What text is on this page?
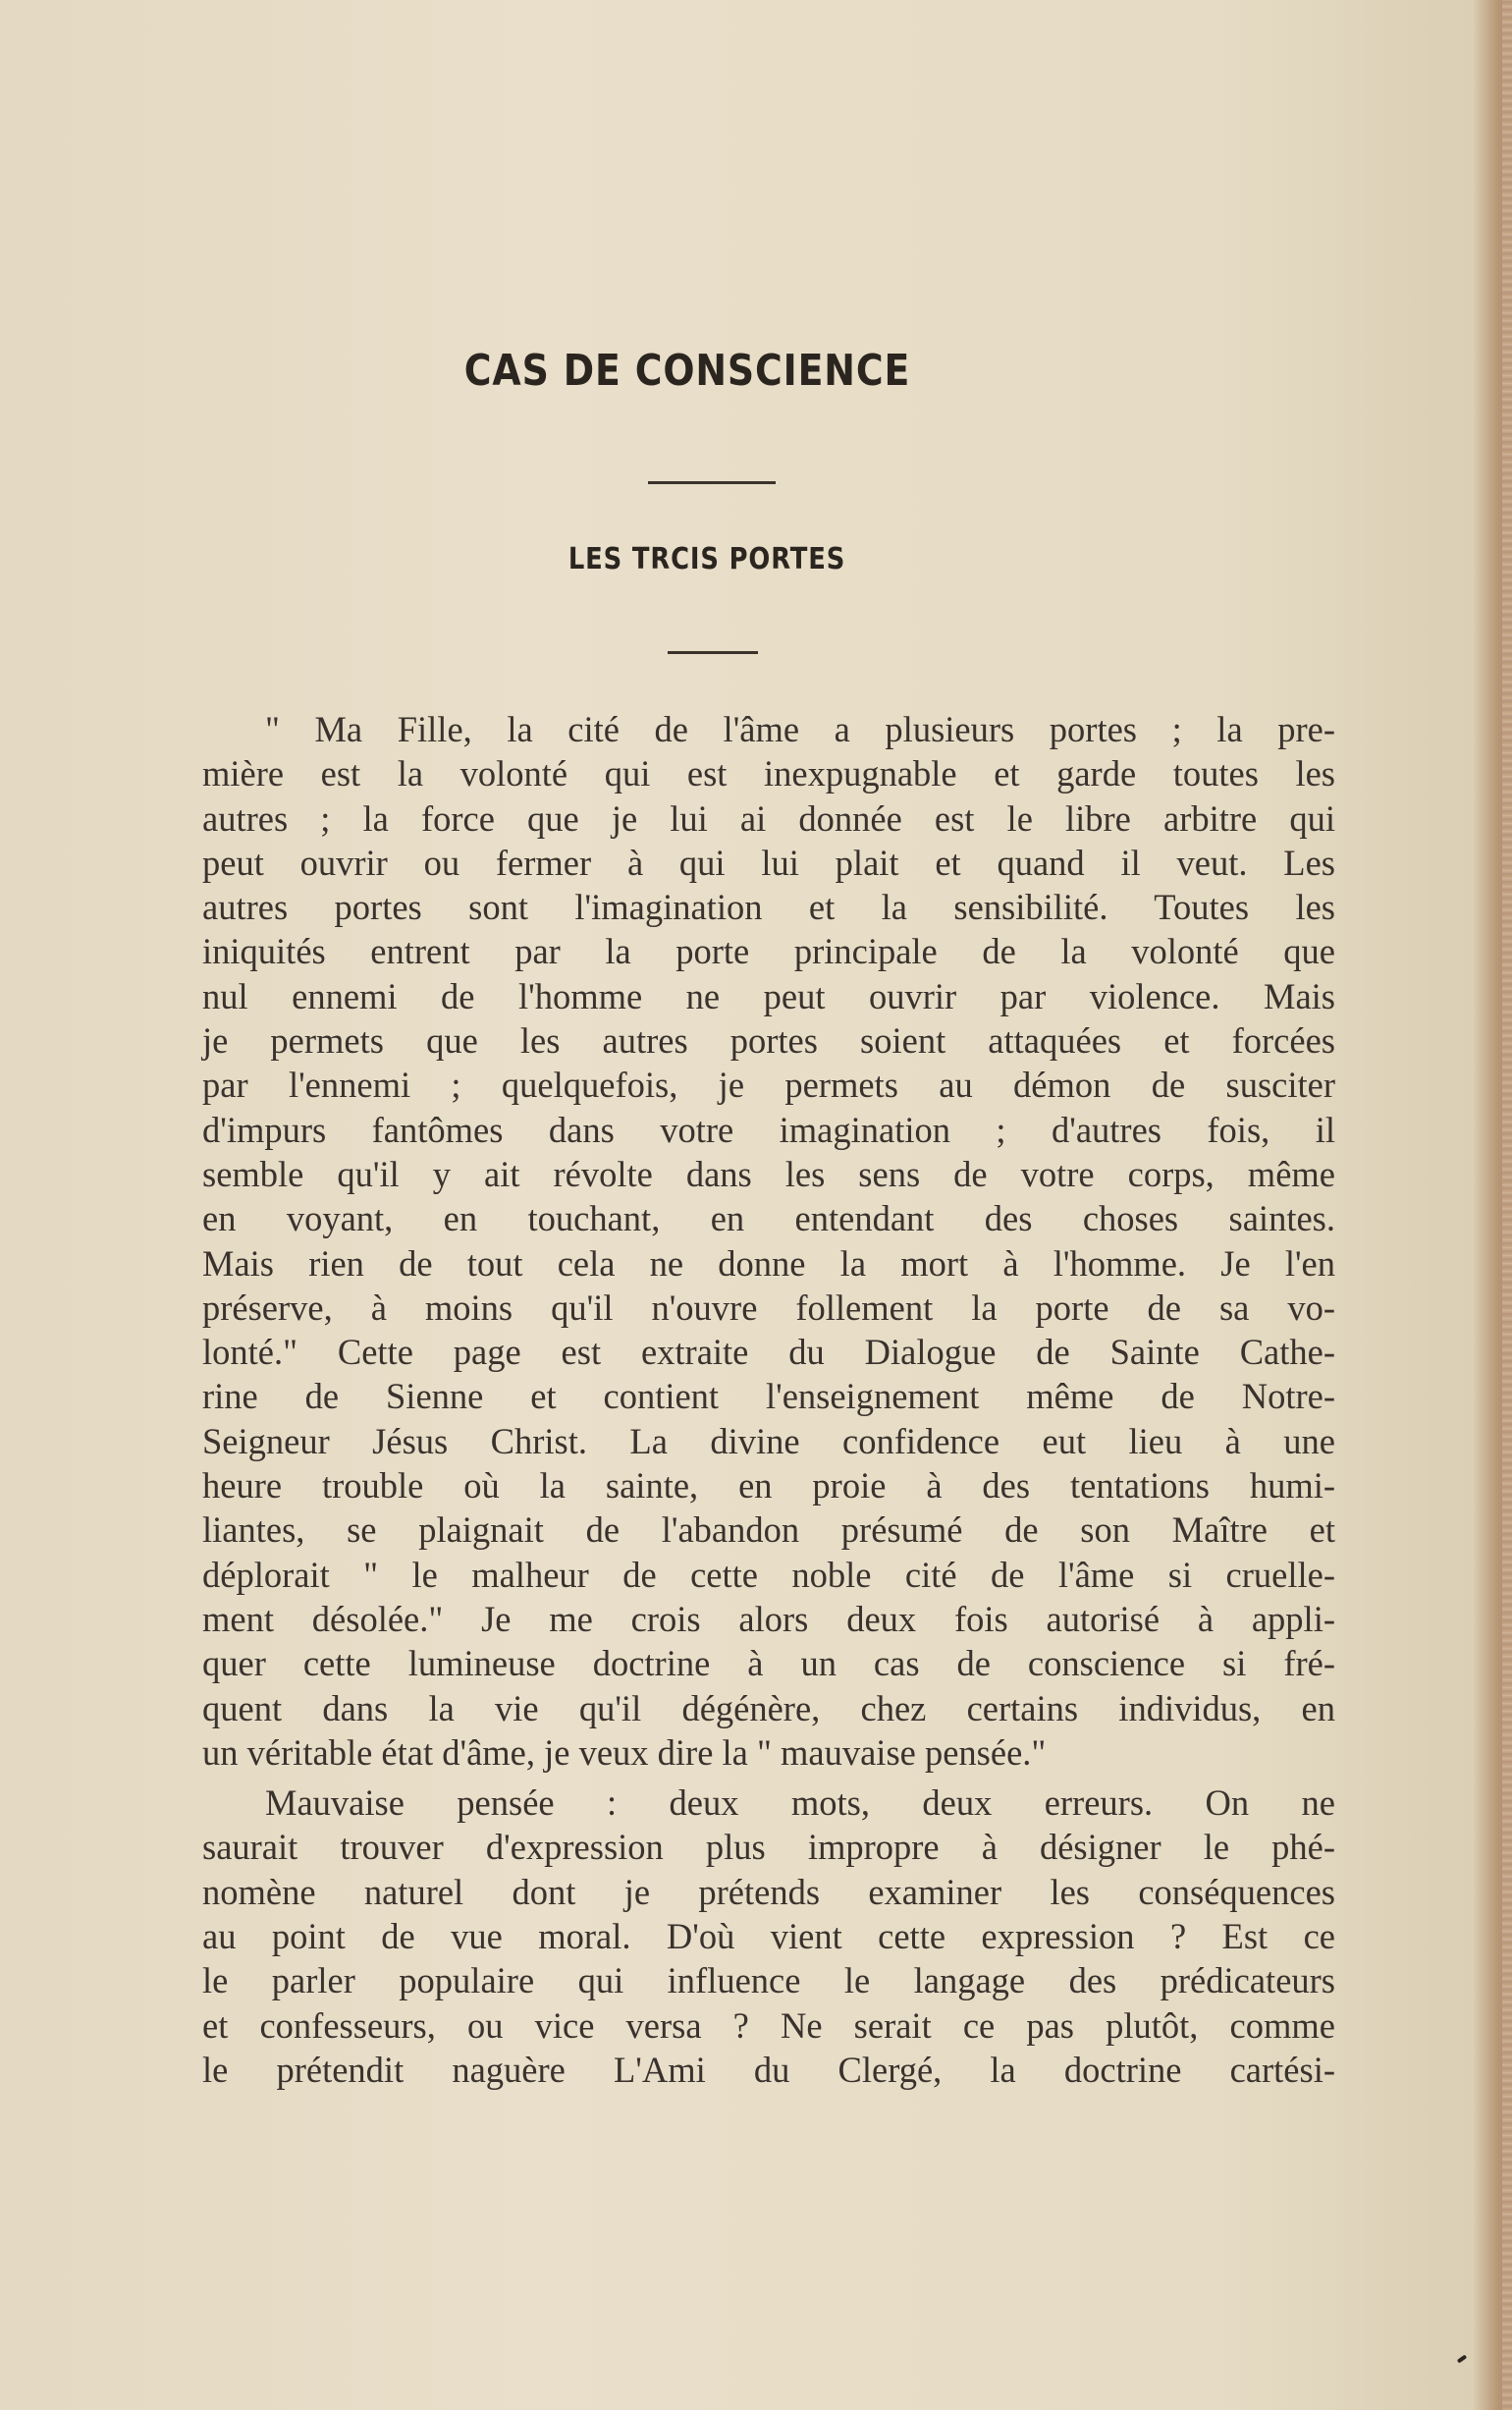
CAS DE CONSCIENCE
LES TRCIS PORTES
" Ma Fille, la cité de l'âme a plusieurs portes ; la pre-
mière est la volonté qui est inexpugnable et garde toutes les
autres ; la force que je lui ai donnée est le libre arbitre qui
peut ouvrir ou fermer à qui lui plait et quand il veut. Les
autres portes sont l'imagination et la sensibilité. Toutes les
iniquités entrent par la porte principale de la volonté que
nul ennemi de l'homme ne peut ouvrir par violence. Mais
je permets que les autres portes soient attaquées et forcées
par l'ennemi ; quelquefois, je permets au démon de susciter
d'impurs fantômes dans votre imagination ; d'autres fois, il
semble qu'il y ait révolte dans les sens de votre corps, même
en voyant, en touchant, en entendant des choses saintes.
Mais rien de tout cela ne donne la mort à l'homme. Je l'en
préserve, à moins qu'il n'ouvre follement la porte de sa vo-
lonté." Cette page est extraite du Dialogue de Sainte Cathe-
rine de Sienne et contient l'enseignement même de Notre-
Seigneur Jésus Christ. La divine confidence eut lieu à une
heure trouble où la sainte, en proie à des tentations humi-
liantes, se plaignait de l'abandon présumé de son Maître et
déplorait " le malheur de cette noble cité de l'âme si cruelle-
ment désolée." Je me crois alors deux fois autorisé à appli-
quer cette lumineuse doctrine à un cas de conscience si fré-
quent dans la vie qu'il dégénère, chez certains individus, en
un véritable état d'âme, je veux dire la " mauvaise pensée."
Mauvaise pensée : deux mots, deux erreurs. On ne
saurait trouver d'expression plus impropre à désigner le phé-
nomène naturel dont je prétends examiner les conséquences
au point de vue moral. D'où vient cette expression ? Est ce
le parler populaire qui influence le langage des prédicateurs
et confesseurs, ou vice versa ? Ne serait ce pas plutôt, comme
le prétendit naguère L'Ami du Clergé, la doctrine cartési-
